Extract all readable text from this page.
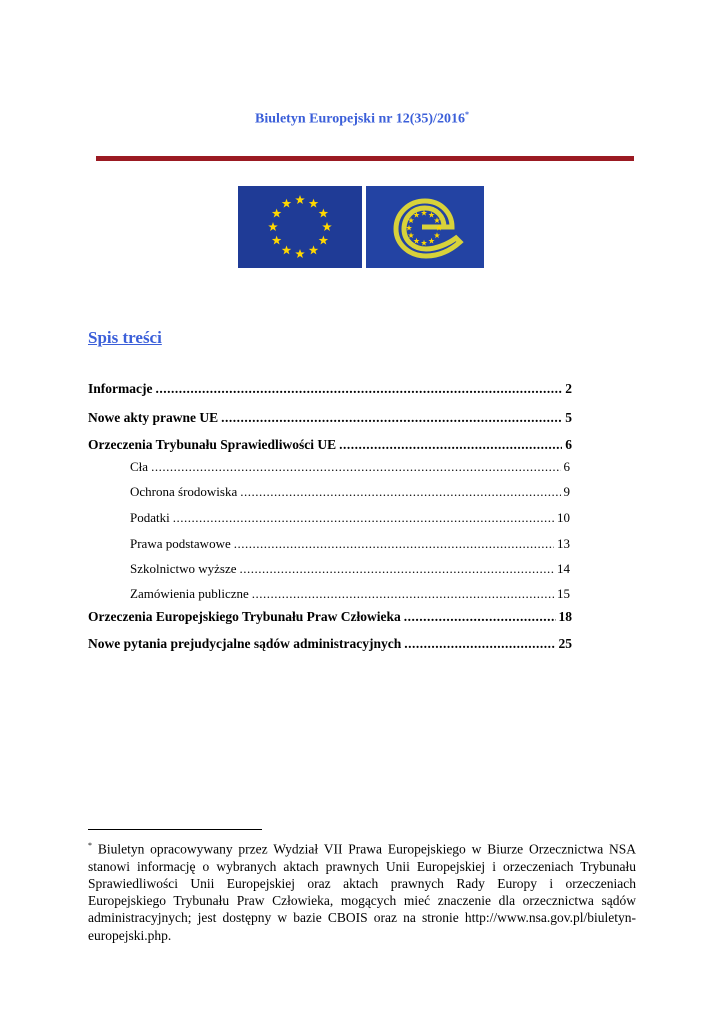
Biuletyn Europejski nr 12(35)/2016*
Spis treści
Informacje .....	2
Nowe akty prawne UE .....	5
Orzeczenia Trybunału Sprawiedliwości UE .....	6
Cła .....	6
Ochrona środowiska .....	9
Podatki .....	10
Prawa podstawowe .....	13
Szkolnictwo wyższe .....	14
Zamówienia publiczne .....	15
Orzeczenia Europejskiego Trybunału Praw Człowieka .....	18
Nowe pytania prejudycjalne sądów administracyjnych .....	25
* Biuletyn opracowywany przez Wydział VII Prawa Europejskiego w Biurze Orzecznictwa NSA stanowi informację o wybranych aktach prawnych Unii Europejskiej i orzeczeniach Trybunału Sprawiedliwości Unii Europejskiej oraz aktach prawnych Rady Europy i orzeczeniach Europejskiego Trybunału Praw Człowieka, mogących mieć znaczenie dla orzecznictwa sądów administracyjnych; jest dostępny w bazie CBOIS oraz na stronie http://www.nsa.gov.pl/biuletyn-europejski.php.
